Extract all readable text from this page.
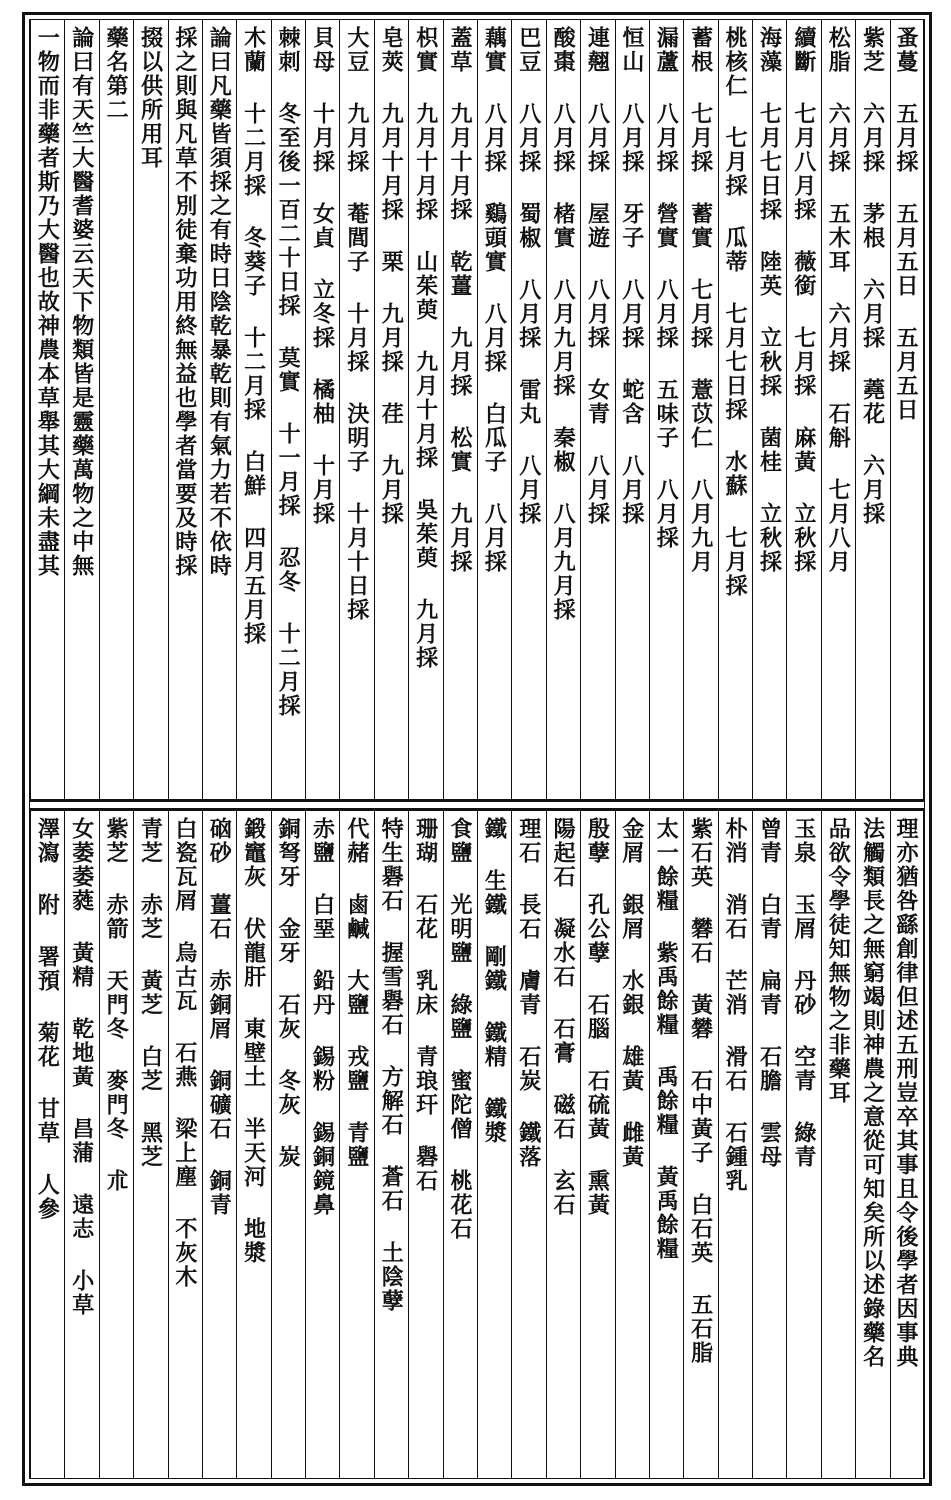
蚤蔓 五月採 五月五日 五月五日
紫芝 六月採 茅根 六月採 蕘花 六月採
松脂 六月採 五木耳 六月採 石斛 七月八月
續斷 七月八月採 薇銜 七月採 麻黃 立秋採
海藻 七月七日採 陸英 立秋採 菌桂 立秋採
桃核仁 七月採 瓜蒂 七月七日採 水蘇 七月採
蓄根 七月採 蓄實 七月採 薏苡仁 八月九月
漏蘆 八月採 營實 八月採 五味子 八月採
恒山 八月採 牙子 八月採 蛇含 八月採
連翹 八月採 屋遊 八月採 女青 八月採
酸棗 八月採 楮實 八月九月採 秦椒 八月九月採
巴豆 八月採 蜀椒 八月採 雷丸 八月採
藕實 八月採 鷄頭實 八月採 白瓜子 八月採
蓋草 九月十月採 乾薑 九月採 松實 九月採
枳實 九月十月採 山茱萸 九月十月採 吳茱萸 九月採
皂莢 九月十月採 栗 九月採 荏 九月採
大豆 九月採 菴閭子 十月採 決明子 十月十日採
貝母 十月採 女貞 立冬採 橘柚 十月採
棘刺 冬至後一百二十日採 莫實 十一月採 忍冬 十二月採
木蘭 十二月採 冬葵子 十二月採 白鮮 四月五月採
論曰凡藥皆須採之有時日陰乾暴乾則有氣力若不依時
採之則與凡草不別徒棄功用終無益也學者當要及時採
掇以供所用耳
藥名第二
論曰有天竺大醫耆婆云天下物類皆是靈藥萬物之中無
一物而非藥者斯乃大醫也故神農本草舉其大綱未盡其
理亦猶咎繇創律但述五刑豈卒其事且令後學者因事典
法觸類長之無窮竭則神農之意從可知矣所以述錄藥名
品欲令學徒知無物之非藥耳
玉泉 玉屑 丹砂 空青 綠青
曾青 白青 扁青 石膽 雲母
朴消 消石 芒消 滑石 石鍾乳
紫石英 礬石 黃礬 石中黃子 白石英 五石脂
太一餘糧 紫禹餘糧 禹餘糧 黃禹餘糧
金屑 銀屑 水銀 雄黃 雌黃
殷孽 孔公孽 石腦 石硫黃 熏黃
陽起石 凝水石 石膏 磁石 玄石
理石 長石 膚青 石炭 鐵落
鐵 生鐵 剛鐵 鐵精 鐵漿
食鹽 光明鹽 綠鹽 蜜陀僧 桃花石
珊瑚 石花 乳床 青琅玕 礜石
特生礜石 握雪礜石 方解石 蒼石 土陰孽
代赭 鹵鹹 大鹽 戎鹽 青鹽
赤鹽 白堊 鉛丹 錫粉 錫銅鏡鼻
銅弩牙 金牙 石灰 冬灰 炭
鍛竈灰 伏龍肝 東壁土 半天河 地漿
硇砂 薑石 赤銅屑 銅礦石 銅青
白瓷瓦屑 烏古瓦 石燕 梁上塵 不灰木
青芝 赤芝 黃芝 白芝 黑芝
紫芝 赤箭 天門冬 麥門冬 朮
女萎萎蕤 黃精 乾地黃 昌蒲 遠志 小草
澤瀉 附 署預 菊花 甘草 人參
